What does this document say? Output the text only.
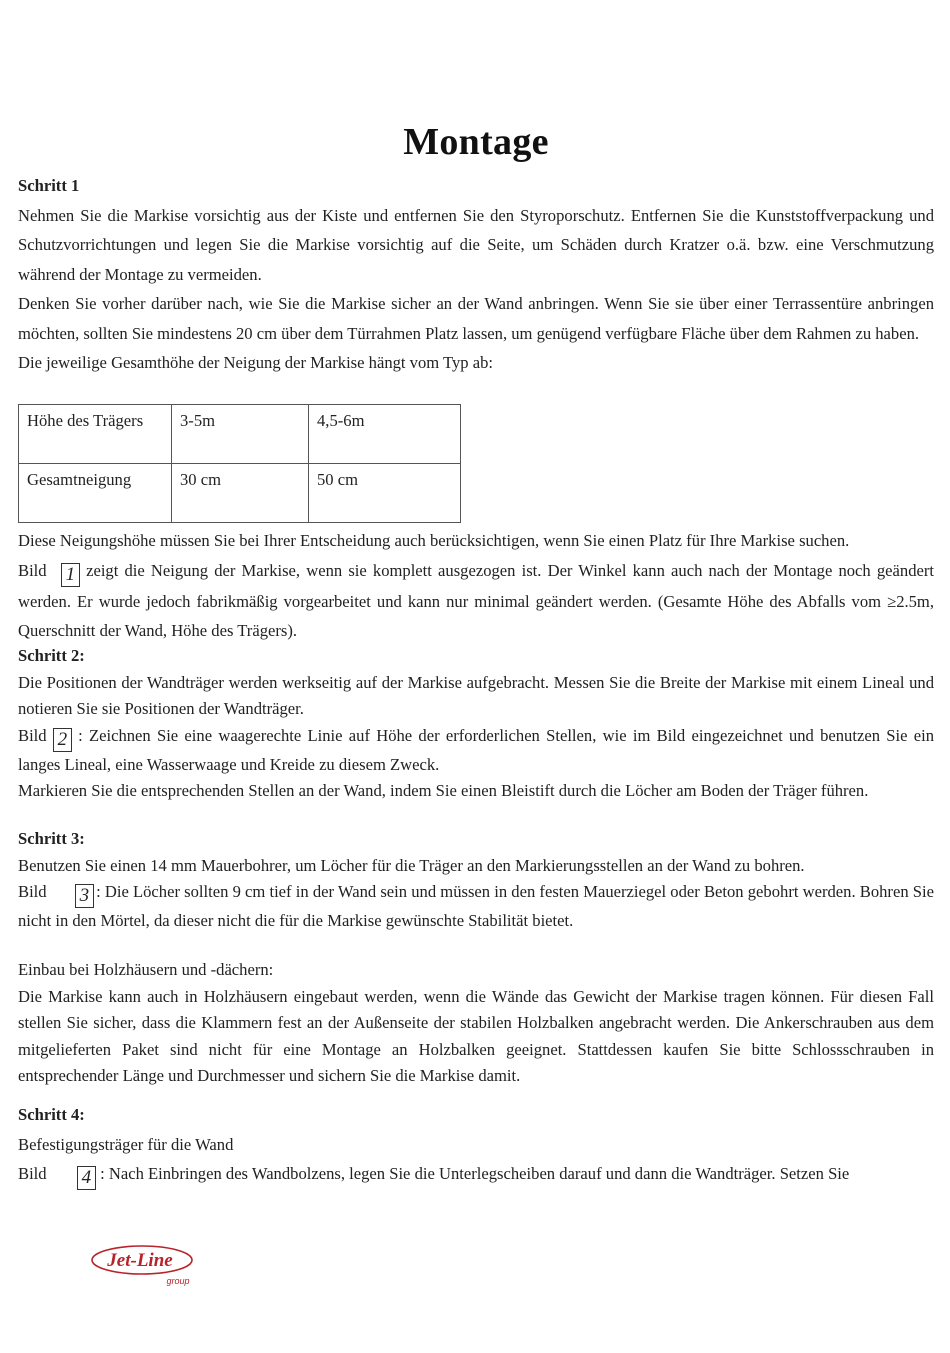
Montage
Schritt 1
Nehmen Sie die Markise vorsichtig aus der Kiste und entfernen Sie den Styroporschutz. Entfernen Sie die Kunststoffverpackung und Schutzvorrichtungen und legen Sie die Markise vorsichtig auf die Seite, um Schäden durch Kratzer o.ä. bzw. eine Verschmutzung während der Montage zu vermeiden.
Denken Sie vorher darüber nach, wie Sie die Markise sicher an der Wand anbringen. Wenn Sie sie über einer Terrassentüre anbringen möchten, sollten Sie mindestens 20 cm über dem Türrahmen Platz lassen, um genügend verfügbare Fläche über dem Rahmen zu haben.
Die jeweilige Gesamthöhe der Neigung der Markise hängt vom Typ ab:
Höhe des Trägers	3-5m	4,5-6m
Gesamtneigung	30 cm	50 cm
Diese Neigungshöhe müssen Sie bei Ihrer Entscheidung auch berücksichtigen, wenn Sie einen Platz für Ihre Markise suchen.
Bild 1 zeigt die Neigung der Markise, wenn sie komplett ausgezogen ist. Der Winkel kann auch nach der Montage noch geändert werden. Er wurde jedoch fabrikmäßig vorgearbeitet und kann nur minimal geändert werden. (Gesamte Höhe des Abfalls vom ≥2.5m, Querschnitt der Wand, Höhe des Trägers).
Schritt 2:
Die Positionen der Wandträger werden werkseitig auf der Markise aufgebracht. Messen Sie die Breite der Markise mit einem Lineal und notieren Sie sie Positionen der Wandträger.
Bild 2 : Zeichnen Sie eine waagerechte Linie auf Höhe der erforderlichen Stellen, wie im Bild eingezeichnet und benutzen Sie ein langes Lineal, eine Wasserwaage und Kreide zu diesem Zweck.
Markieren Sie die entsprechenden Stellen an der Wand, indem Sie einen Bleistift durch die Löcher am Boden der Träger führen.
Schritt 3:
Benutzen Sie einen 14 mm Mauerbohrer, um Löcher für die Träger an den Markierungsstellen an der Wand zu bohren.
Bild 3 : Die Löcher sollten 9 cm tief in der Wand sein und müssen in den festen Mauerziegel oder Beton gebohrt werden. Bohren Sie nicht in den Mörtel, da dieser nicht die für die Markise gewünschte Stabilität bietet.
Einbau bei Holzhäusern und -dächern:
Die Markise kann auch in Holzhäusern eingebaut werden, wenn die Wände das Gewicht der Markise tragen können. Für diesen Fall stellen Sie sicher, dass die Klammern fest an der Außenseite der stabilen Holzbalken angebracht werden. Die Ankerschrauben aus dem mitgelieferten Paket sind nicht für eine Montage an Holzbalken geeignet. Stattdessen kaufen Sie bitte Schlossschrauben in entsprechender Länge und Durchmesser und sichern Sie die Markise damit.
Schritt 4:
Befestigungsträger für die Wand
Bild 4 : Nach Einbringen des Wandbolzens, legen Sie die Unterlegscheiben darauf und dann die Wandträger. Setzen Sie
Jet-Line
group
